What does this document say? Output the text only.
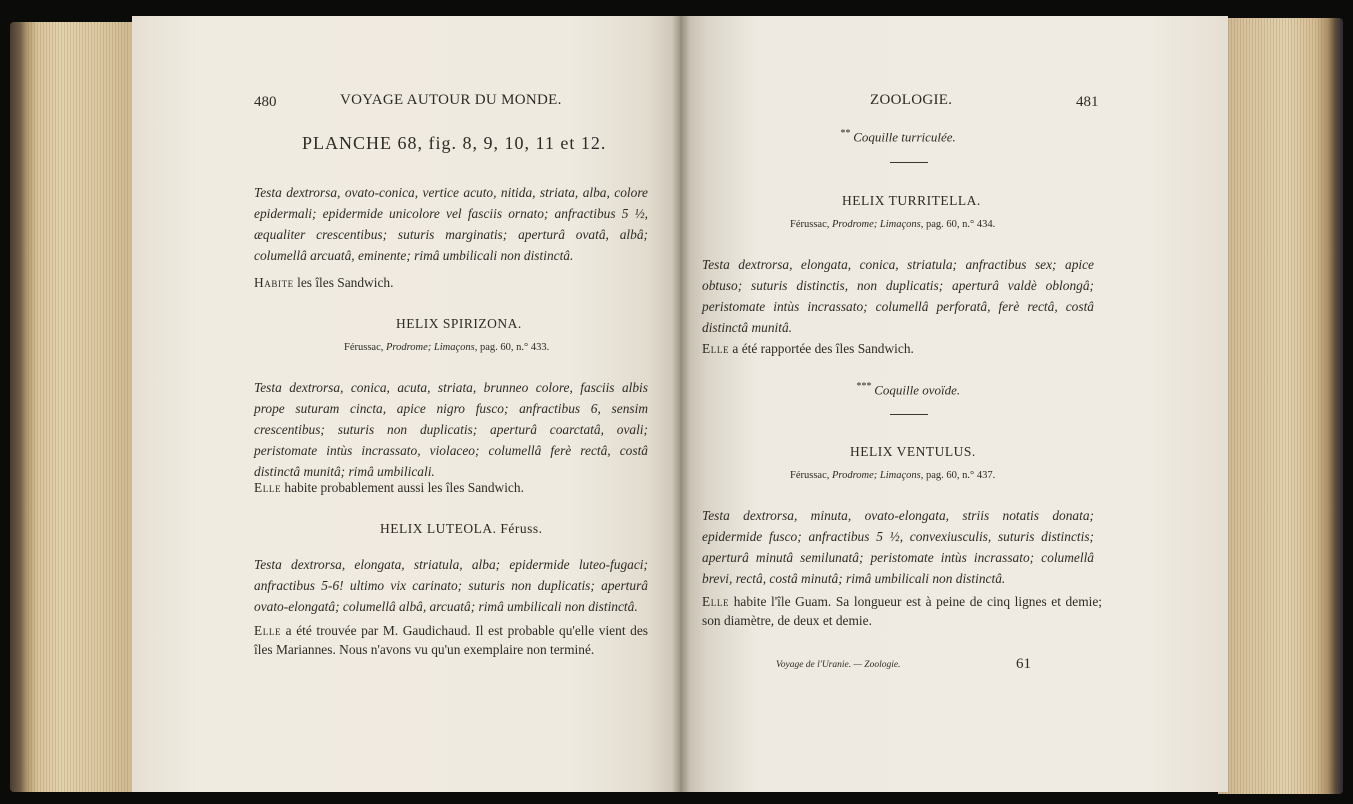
480	VOYAGE AUTOUR DU MONDE.
PLANCHE 68, fig. 8, 9, 10, 11 et 12.
Testa dextrorsa, ovato-conica, vertice acuto, nitida, striata, alba, colore epidermali; epidermide unicolore vel fasciis ornato; anfractibus 5 ½, æqualiter crescentibus; suturis marginatis; aperturâ ovatâ, albâ; columellâ arcuatâ, eminente; rimâ umbilicali non distinctâ.
Habite les îles Sandwich.
HELIX SPIRIZONA.
Férussac, Prodrome; Limaçons, pag. 60, n.° 433.
Testa dextrorsa, conica, acuta, striata, brunneo colore, fasciis albis prope suturam cincta, apice nigro fusco; anfractibus 6, sensim crescentibus; suturis non duplicatis; aperturâ coarctatâ, ovali; peristomate intùs incrassato, violaceo; columellâ ferè rectâ, costâ distinctâ munitâ; rimâ umbilicali.
Elle habite probablement aussi les îles Sandwich.
HELIX LUTEOLA. Féruss.
Testa dextrorsa, elongata, striatula, alba; epidermide luteo-fugaci; anfractibus 5-6! ultimo vix carinato; suturis non duplicatis; aperturâ ovato-elongatâ; columellâ albâ, arcuatâ; rimâ umbilicali non distinctâ.
Elle a été trouvée par M. Gaudichaud. Il est probable qu'elle vient des îles Mariannes. Nous n'avons vu qu'un exemplaire non terminé.
ZOOLOGIE.	481
** Coquille turriculée.
HELIX TURRITELLA.
Férussac, Prodrome; Limaçons, pag. 60, n.° 434.
Testa dextrorsa, elongata, conica, striatula; anfractibus sex; apice obtuso; suturis distinctis, non duplicatis; aperturâ valdè oblongâ; peristomate intùs incrassato; columellâ perforatâ, ferè rectâ, costâ distinctâ munitâ.
Elle a été rapportée des îles Sandwich.
*** Coquille ovoïde.
HELIX VENTULUS.
Férussac, Prodrome; Limaçons, pag. 60, n.° 437.
Testa dextrorsa, minuta, ovato-elongata, striis notatis donata; epidermide fusco; anfractibus 5 ½, convexiusculis, suturis distinctis; aperturâ minutâ semilunatâ; peristomate intùs incrassato; columellâ brevi, rectâ, costâ minutâ; rimâ umbilicali non distinctâ.
Elle habite l'île Guam. Sa longueur est à peine de cinq lignes et demie; son diamètre, de deux et demie.
Voyage de l'Uranie. — Zoologie.	61
